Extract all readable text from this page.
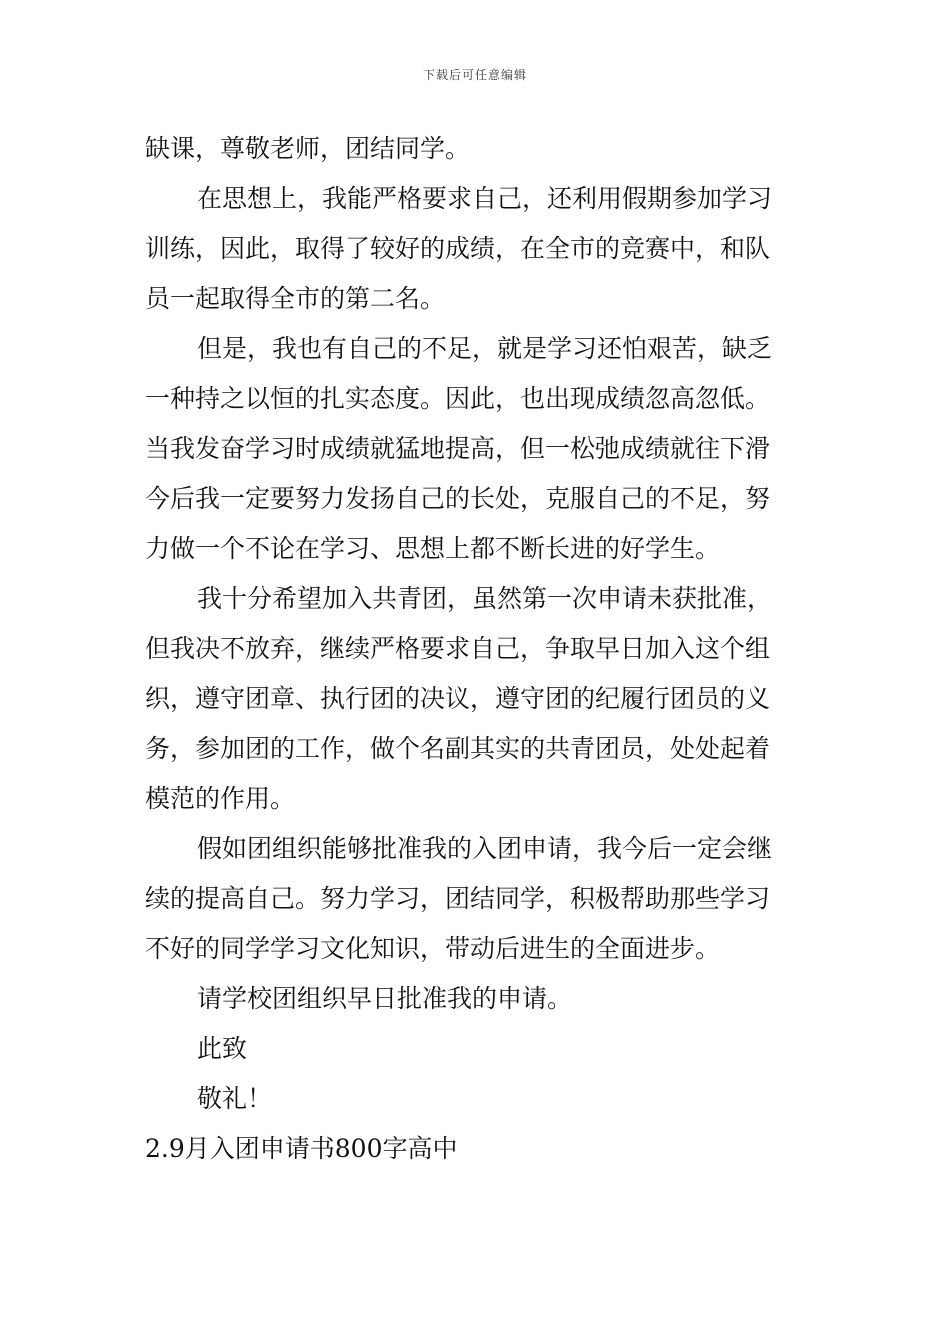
下载后可任意编辑
缺课，尊敬老师，团结同学。
在思想上，我能严格要求自己，还利用假期参加学习
训练，因此，取得了较好的成绩，在全市的竞赛中，和队
员一起取得全市的第二名。
但是，我也有自己的不足，就是学习还怕艰苦，缺乏
一种持之以恒的扎实态度。因此，也出现成绩忽高忽低。
当我发奋学习时成绩就猛地提高，但一松弛成绩就往下滑
今后我一定要努力发扬自己的长处，克服自己的不足，努
力做一个不论在学习、思想上都不断长进的好学生。
我十分希望加入共青团，虽然第一次申请未获批准，
但我决不放弃，继续严格要求自己，争取早日加入这个组
织，遵守团章、执行团的决议，遵守团的纪履行团员的义
务，参加团的工作，做个名副其实的共青团员，处处起着
模范的作用。
假如团组织能够批准我的入团申请，我今后一定会继
续的提高自己。努力学习，团结同学，积极帮助那些学习
不好的同学学习文化知识，带动后进生的全面进步。
请学校团组织早日批准我的申请。
此致
敬礼！
2.9月入团申请书800字高中
